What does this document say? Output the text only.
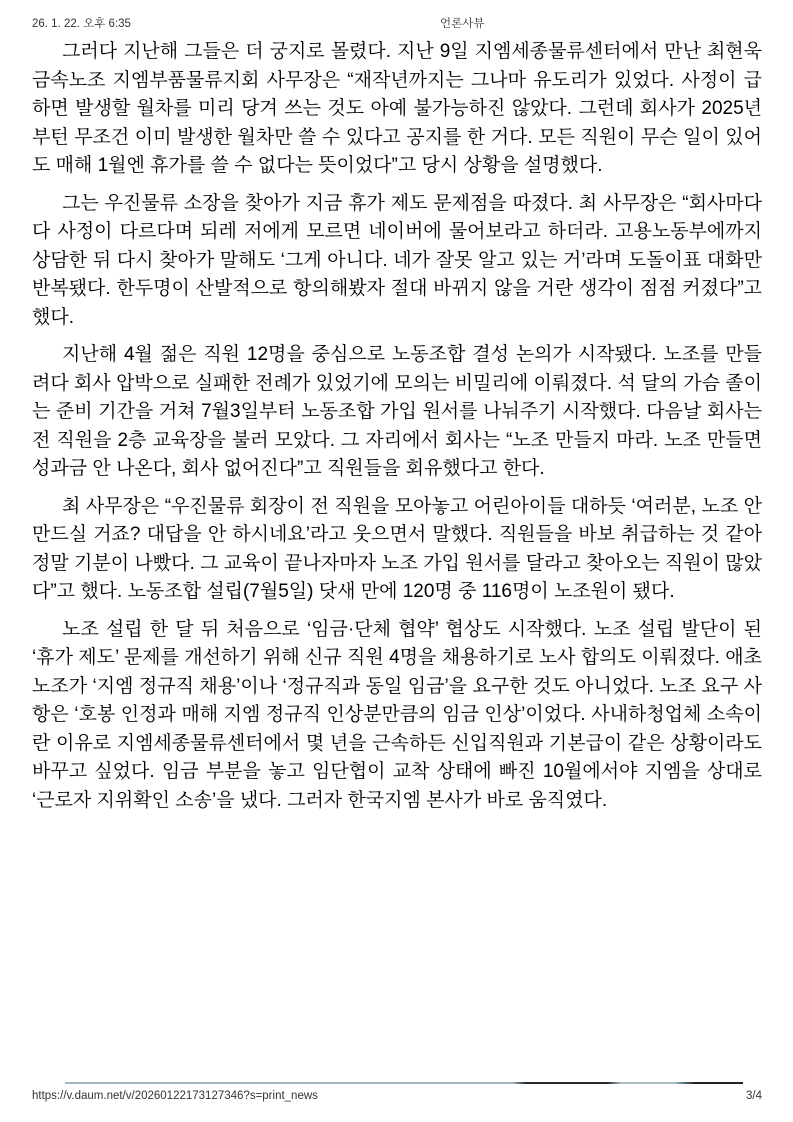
26. 1. 22. 오후 6:35	언론사뷰

그러다 지난해 그들은 더 궁지로 몰렸다. 지난 9일 지엠세종물류센터에서 만난 최현욱 금속노조 지엠부품물류지회 사무장은 “재작년까지는 그나마 유도리가 있었다. 사정이 급하면 발생할 월차를 미리 당겨 쓰는 것도 아예 불가능하진 않았다. 그런데 회사가 2025년부턴 무조건 이미 발생한 월차만 쓸 수 있다고 공지를 한 거다. 모든 직원이 무슨 일이 있어도 매해 1월엔 휴가를 쓸 수 없다는 뜻이었다”고 당시 상황을 설명했다.

그는 우진물류 소장을 찾아가 지금 휴가 제도 문제점을 따졌다. 최 사무장은 “회사마다 다 사정이 다르다며 되레 저에게 모르면 네이버에 물어보라고 하더라. 고용노동부에까지 상담한 뒤 다시 찾아가 말해도 ‘그게 아니다. 네가 잘못 알고 있는 거’라며 도돌이표 대화만 반복됐다. 한두명이 산발적으로 항의해봤자 절대 바뀌지 않을 거란 생각이 점점 커졌다”고 했다.

지난해 4월 젊은 직원 12명을 중심으로 노동조합 결성 논의가 시작됐다. 노조를 만들려다 회사 압박으로 실패한 전례가 있었기에 모의는 비밀리에 이뤄졌다. 석 달의 가슴 졸이는 준비 기간을 거쳐 7월3일부터 노동조합 가입 원서를 나눠주기 시작했다. 다음날 회사는 전 직원을 2층 교육장을 불러 모았다. 그 자리에서 회사는 “노조 만들지 마라. 노조 만들면 성과금 안 나온다, 회사 없어진다”고 직원들을 회유했다고 한다.

최 사무장은 “우진물류 회장이 전 직원을 모아놓고 어린아이들 대하듯 ‘여러분, 노조 안 만드실 거죠? 대답을 안 하시네요’라고 웃으면서 말했다. 직원들을 바보 취급하는 것 같아 정말 기분이 나빴다. 그 교육이 끝나자마자 노조 가입 원서를 달라고 찾아오는 직원이 많았다”고 했다. 노동조합 설립(7월5일) 닷새 만에 120명 중 116명이 노조원이 됐다.

노조 설립 한 달 뒤 처음으로 ‘임금·단체 협약’ 협상도 시작했다. 노조 설립 발단이 된 ‘휴가 제도’ 문제를 개선하기 위해 신규 직원 4명을 채용하기로 노사 합의도 이뤄졌다. 애초 노조가 ‘지엠 정규직 채용’이나 ‘정규직과 동일 임금’을 요구한 것도 아니었다. 노조 요구 사항은 ‘호봉 인정과 매해 지엠 정규직 인상분만큼의 임금 인상’이었다. 사내하청업체 소속이란 이유로 지엠세종물류센터에서 몇 년을 근속하든 신입직원과 기본급이 같은 상황이라도 바꾸고 싶었다. 임금 부분을 놓고 임단협이 교착 상태에 빠진 10월에서야 지엠을 상대로 ‘근로자 지위확인 소송’을 냈다. 그러자 한국지엠 본사가 바로 움직였다.

https://v.daum.net/v/20260122173127346?s=print_news	3/4
